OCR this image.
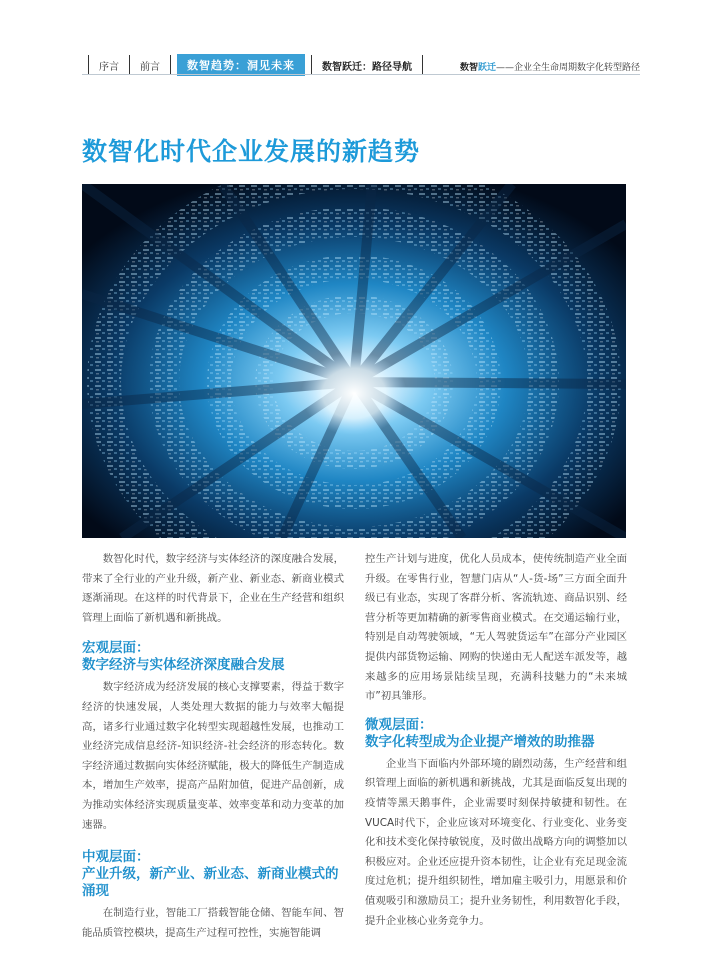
序言	前言	数智趋势：洞见未来	数智跃迁：路径导航	数智跃迁——企业全生命周期数字化转型路径
数智化时代企业发展的新趋势

数智化时代，数字经济与实体经济的深度融合发展，带来了全行业的产业升级，新产业、新业态、新商业模式逐渐涌现。在这样的时代背景下，企业在生产经营和组织管理上面临了新机遇和新挑战。

宏观层面：
数字经济与实体经济深度融合发展

数字经济成为经济发展的核心支撑要素，得益于数字经济的快速发展，人类处理大数据的能力与效率大幅提高，诸多行业通过数字化转型实现超越性发展，也推动工业经济完成信息经济-知识经济-社会经济的形态转化。数字经济通过数据向实体经济赋能，极大的降低生产制造成本，增加生产效率，提高产品附加值，促进产品创新，成为推动实体经济实现质量变革、效率变革和动力变革的加速器。

中观层面：
产业升级，新产业、新业态、新商业模式的涌现

在制造行业，智能工厂搭载智能仓储、智能车间、智能品质管控模块，提高生产过程可控性，实施智能调

控生产计划与进度，优化人员成本，使传统制造产业全面升级。在零售行业，智慧门店从“人-货-场”三方面全面升级已有业态，实现了客群分析、客流轨迹、商品识别、经营分析等更加精确的新零售商业模式。在交通运输行业，特别是自动驾驶领域，“无人驾驶货运车”在部分产业园区提供内部货物运输、网购的快递由无人配送车派发等，越来越多的应用场景陆续呈现，充满科技魅力的“未来城市”初具雏形。

微观层面：
数字化转型成为企业提产增效的助推器

企业当下面临内外部环境的剧烈动荡，生产经营和组织管理上面临的新机遇和新挑战，尤其是面临反复出现的疫情等黑天鹅事件，企业需要时刻保持敏捷和韧性。在VUCA时代下，企业应该对环境变化、行业变化、业务变化和技术变化保持敏锐度，及时做出战略方向的调整加以积极应对。企业还应提升资本韧性，让企业有充足现金流度过危机；提升组织韧性，增加雇主吸引力，用愿景和价值观吸引和激励员工；提升业务韧性，利用数智化手段，提升企业核心业务竞争力。
